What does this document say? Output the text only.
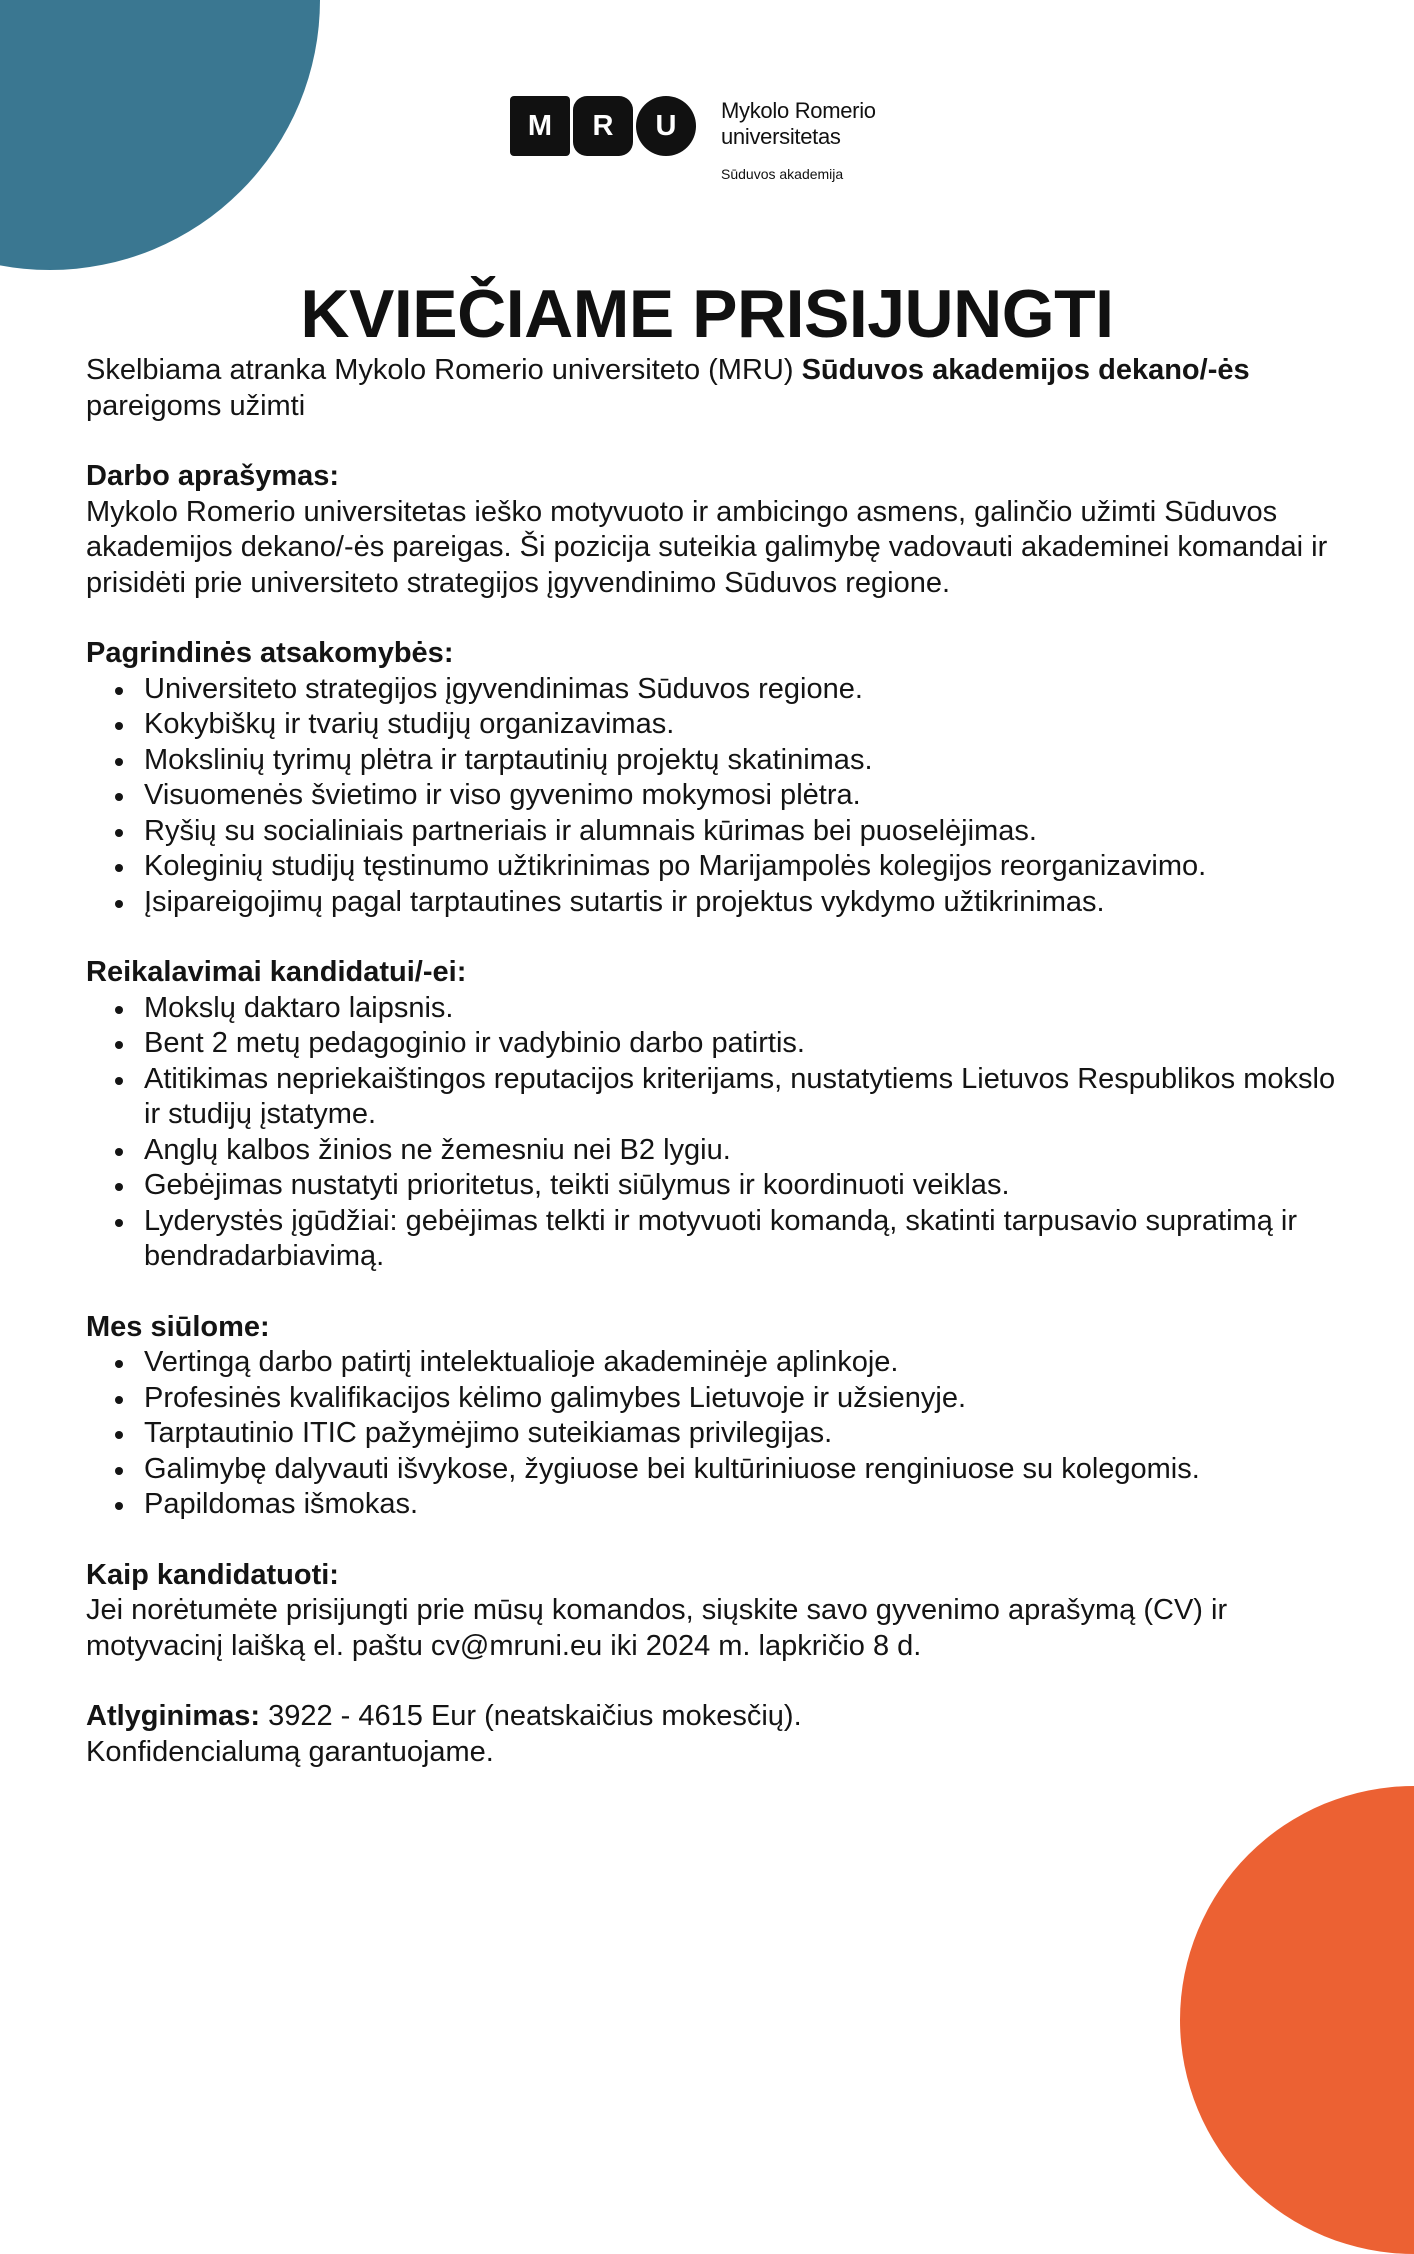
M	R	U	Mykolo Romerio
universitetas
Sūduvos akademija
KVIEČIAME PRISIJUNGTI

Skelbiama atranka Mykolo Romerio universiteto (MRU) Sūduvos akademijos dekano/-ės pareigoms užimti

Darbo aprašymas:

Mykolo Romerio universitetas ieško motyvuoto ir ambicingo asmens, galinčio užimti Sūduvos akademijos dekano/-ės pareigas. Ši pozicija suteikia galimybę vadovauti akademinei komandai ir prisidėti prie universiteto strategijos įgyvendinimo Sūduvos regione.

Pagrindinės atsakomybės:
Universiteto strategijos įgyvendinimas Sūduvos regione.
Kokybiškų ir tvarių studijų organizavimas.
Mokslinių tyrimų plėtra ir tarptautinių projektų skatinimas.
Visuomenės švietimo ir viso gyvenimo mokymosi plėtra.
Ryšių su socialiniais partneriais ir alumnais kūrimas bei puoselėjimas.
Koleginių studijų tęstinumo užtikrinimas po Marijampolės kolegijos reorganizavimo.
Įsipareigojimų pagal tarptautines sutartis ir projektus vykdymo užtikrinimas.
Reikalavimai kandidatui/-ei:
Mokslų daktaro laipsnis.
Bent 2 metų pedagoginio ir vadybinio darbo patirtis.
Atitikimas nepriekaištingos reputacijos kriterijams, nustatytiems Lietuvos Respublikos mokslo ir studijų įstatyme.
Anglų kalbos žinios ne žemesniu nei B2 lygiu.
Gebėjimas nustatyti prioritetus, teikti siūlymus ir koordinuoti veiklas.
Lyderystės įgūdžiai: gebėjimas telkti ir motyvuoti komandą, skatinti tarpusavio supratimą ir bendradarbiavimą.
Mes siūlome:
Vertingą darbo patirtį intelektualioje akademinėje aplinkoje.
Profesinės kvalifikacijos kėlimo galimybes Lietuvoje ir užsienyje.
Tarptautinio ITIC pažymėjimo suteikiamas privilegijas.
Galimybę dalyvauti išvykose, žygiuose bei kultūriniuose renginiuose su kolegomis.
Papildomas išmokas.
Kaip kandidatuoti:

Jei norėtumėte prisijungti prie mūsų komandos, siųskite savo gyvenimo aprašymą (CV) ir motyvacinį laišką el. paštu cv@mruni.eu iki 2024 m. lapkričio 8 d.

Atlyginimas: 3922 - 4615 Eur (neatskaičius mokesčių).

Konfidencialumą garantuojame.
